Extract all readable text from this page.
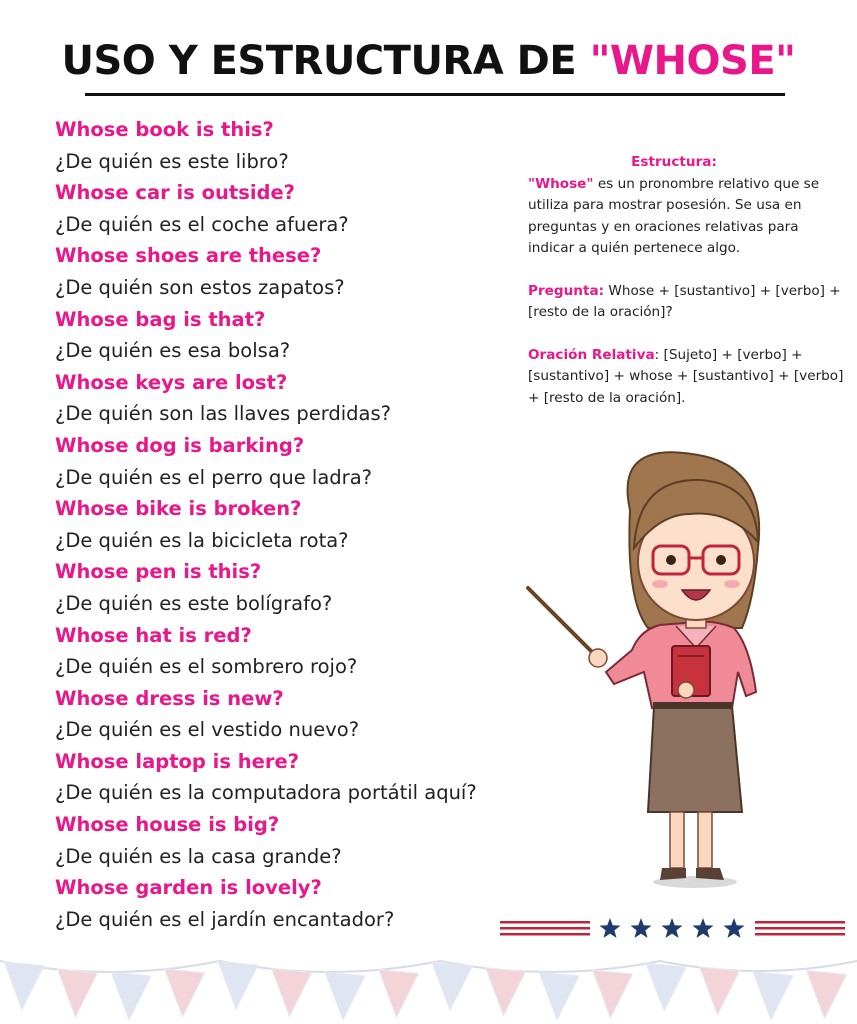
USO Y ESTRUCTURA DE "WHOSE"
Whose book is this?
¿De quién es este libro?
Whose car is outside?
¿De quién es el coche afuera?
Whose shoes are these?
¿De quién son estos zapatos?
Whose bag is that?
¿De quién es esa bolsa?
Whose keys are lost?
¿De quién son las llaves perdidas?
Whose dog is barking?
¿De quién es el perro que ladra?
Whose bike is broken?
¿De quién es la bicicleta rota?
Whose pen is this?
¿De quién es este bolígrafo?
Whose hat is red?
¿De quién es el sombrero rojo?
Whose dress is new?
¿De quién es el vestido nuevo?
Whose laptop is here?
¿De quién es la computadora portátil aquí?
Whose house is big?
¿De quién es la casa grande?
Whose garden is lovely?
¿De quién es el jardín encantador?

Estructura:

"Whose" es un pronombre relativo que se utiliza para mostrar posesión. Se usa en preguntas y en oraciones relativas para indicar a quién pertenece algo.

Pregunta: Whose + [sustantivo] + [verbo] + [resto de la oración]?

Oración Relativa: [Sujeto] + [verbo] + [sustantivo] + whose + [sustantivo] + [verbo] + [resto de la oración].
